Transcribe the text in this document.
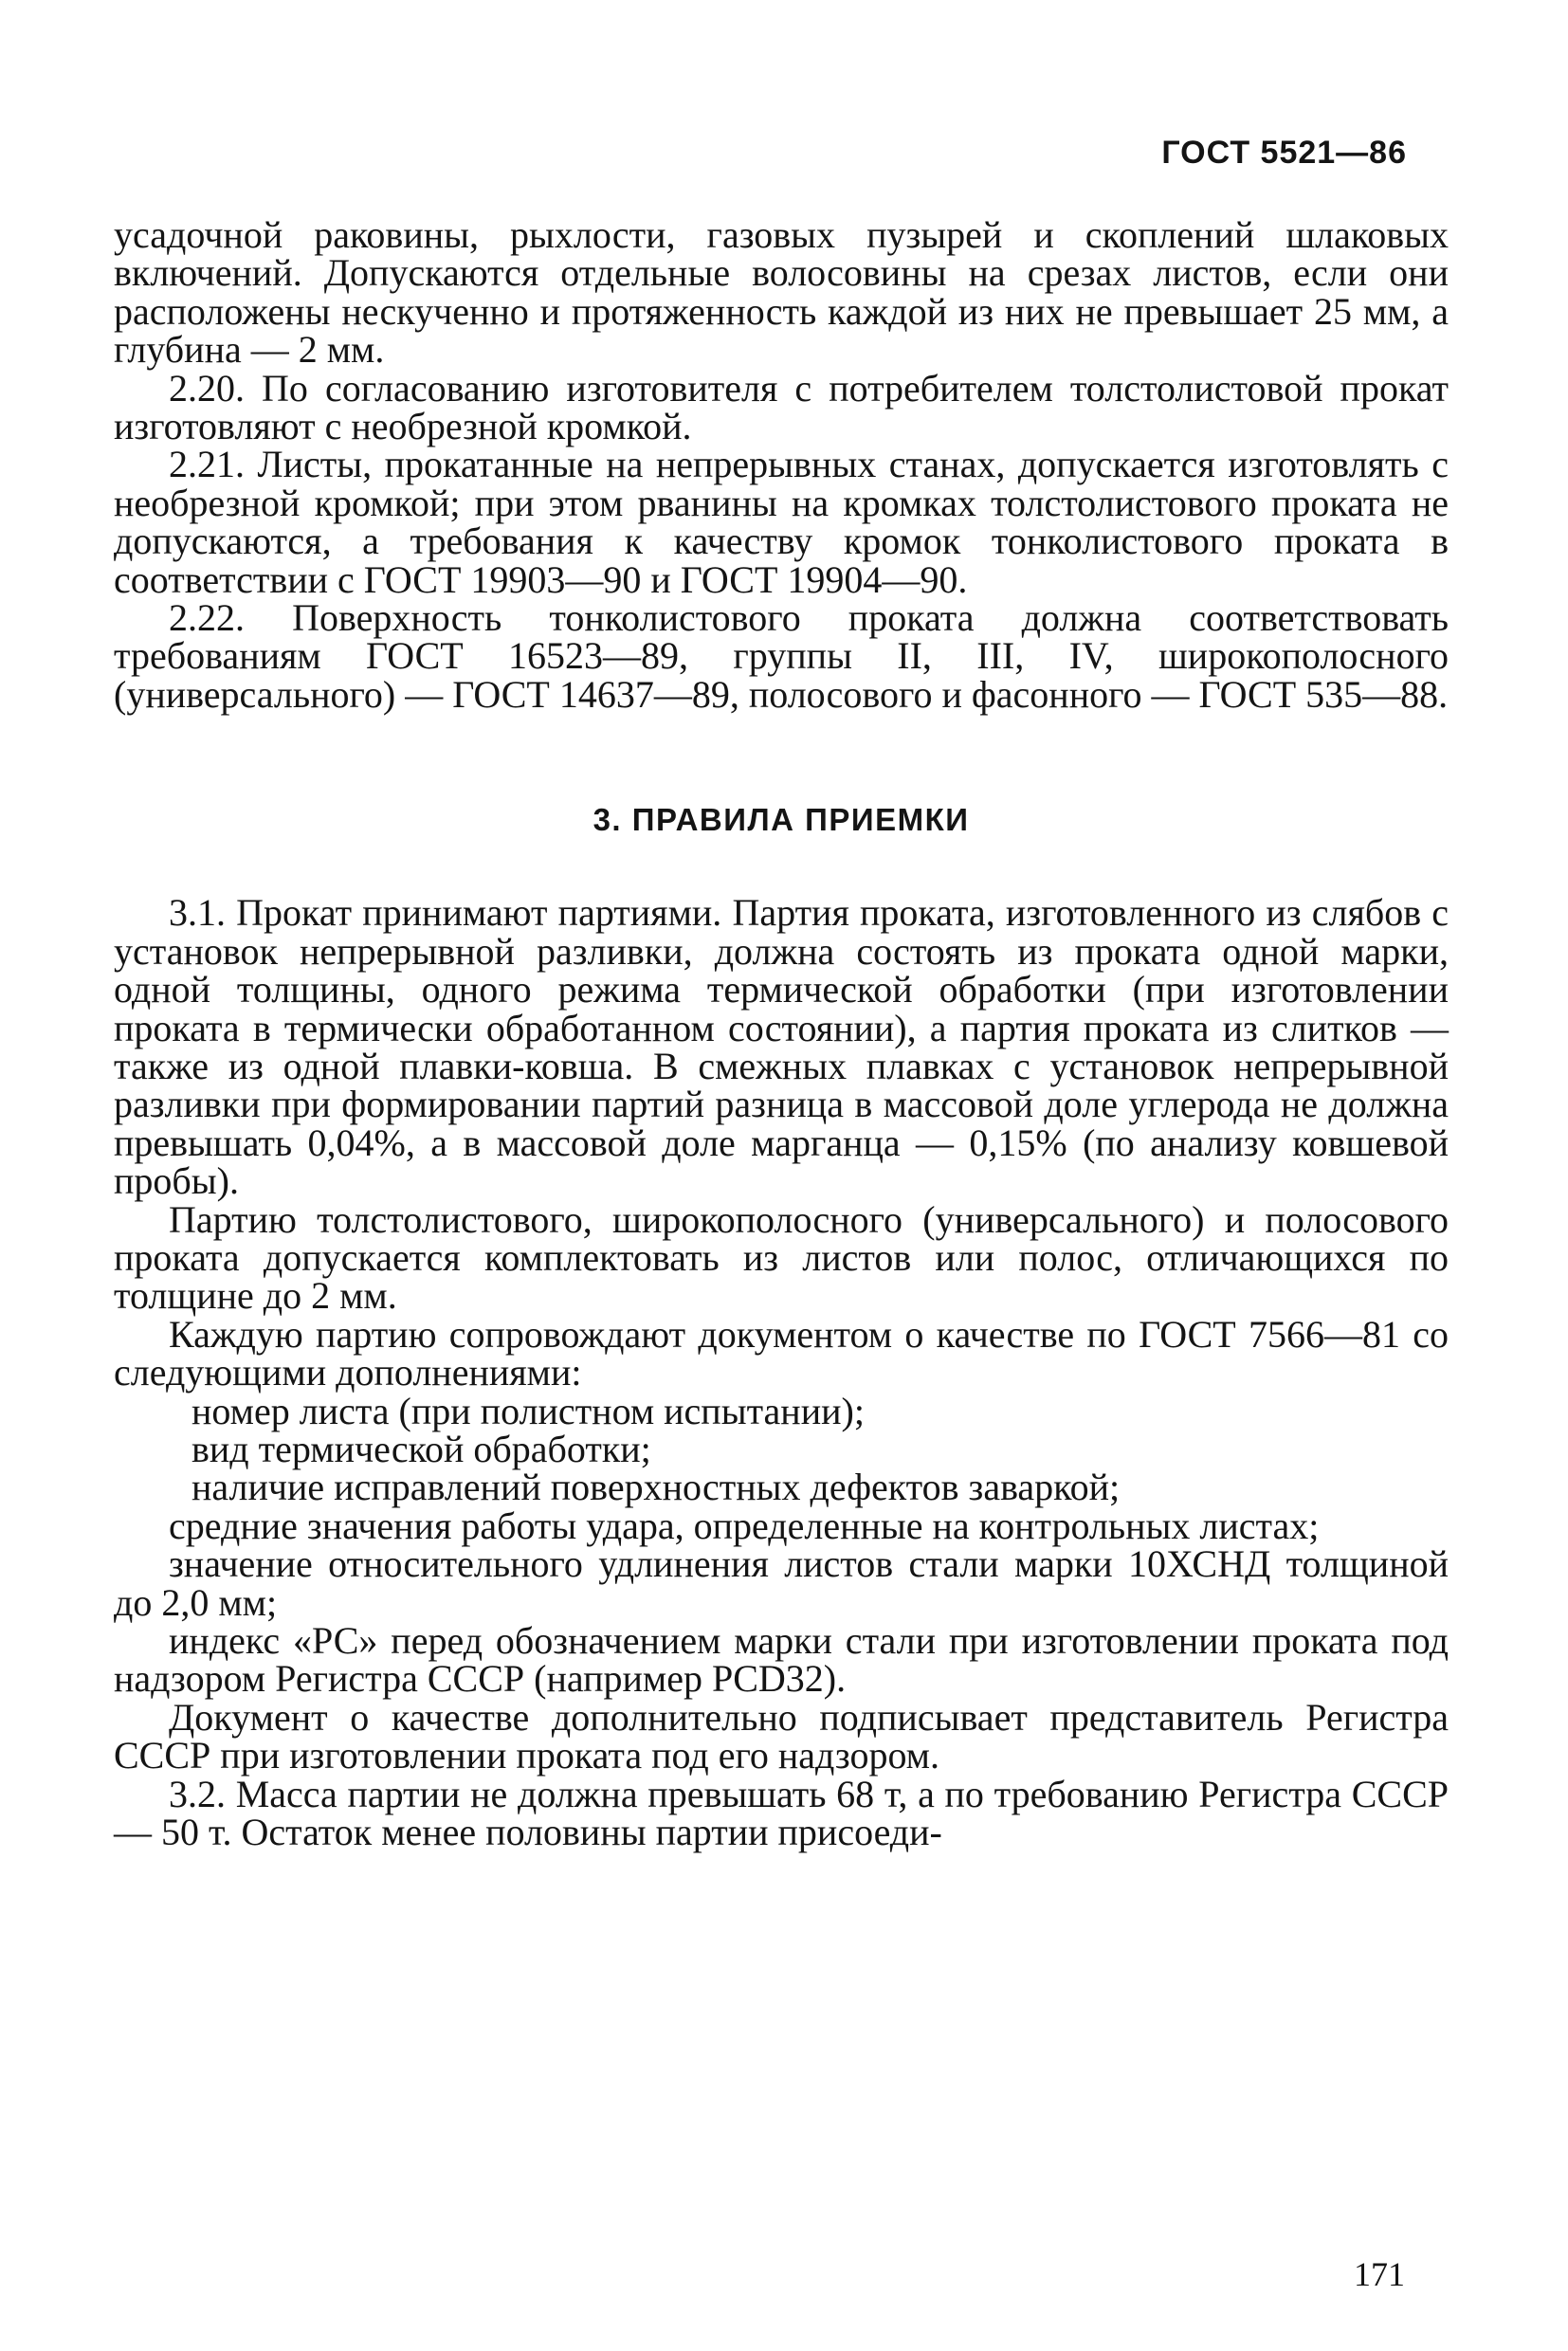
ГОСТ 5521—86

усадочной раковины, рыхлости, газовых пузырей и скоплений шлаковых включений. Допускаются отдельные волосовины на срезах листов, если они расположены нескученно и протяженность каждой из них не превышает 25 мм, а глубина — 2 мм.

2.20. По согласованию изготовителя с потребителем толстолистовой прокат изготовляют с необрезной кромкой.

2.21. Листы, прокатанные на непрерывных станах, допускается изготовлять с необрезной кромкой; при этом рванины на кромках толстолистового проката не допускаются, а требования к качеству кромок тонколистового проката в соответствии с ГОСТ 19903—90 и ГОСТ 19904—90.

2.22. Поверхность тонколистового проката должна соответствовать требованиям ГОСТ 16523—89, группы II, III, IV, широкополосного (универсального) — ГОСТ 14637—89, полосового и фасонного — ГОСТ 535—88.

3. ПРАВИЛА ПРИЕМКИ

3.1. Прокат принимают партиями. Партия проката, изготовленного из слябов с установок непрерывной разливки, должна состоять из проката одной марки, одной толщины, одного режима термической обработки (при изготовлении проката в термически обработанном состоянии), а партия проката из слитков — также из одной плавки-ковша. В смежных плавках с установок непрерывной разливки при формировании партий разница в массовой доле углерода не должна превышать 0,04%, а в массовой доле марганца — 0,15% (по анализу ковшевой пробы).

Партию толстолистового, широкополосного (универсального) и полосового проката допускается комплектовать из листов или полос, отличающихся по толщине до 2 мм.

Каждую партию сопровождают документом о качестве по ГОСТ 7566—81 со следующими дополнениями:

номер листа (при полистном испытании);

вид термической обработки;

наличие исправлений поверхностных дефектов заваркой;

средние значения работы удара, определенные на контрольных листах;

значение относительного удлинения листов стали марки 10ХСНД толщиной до 2,0 мм;

индекс «РС» перед обозначением марки стали при изготовлении проката под надзором Регистра СССР (например PCD32).

Документ о качестве дополнительно подписывает представитель Регистра СССР при изготовлении проката под его надзором.

3.2. Масса партии не должна превышать 68 т, а по требованию Регистра СССР — 50 т. Остаток менее половины партии присоеди-

171
